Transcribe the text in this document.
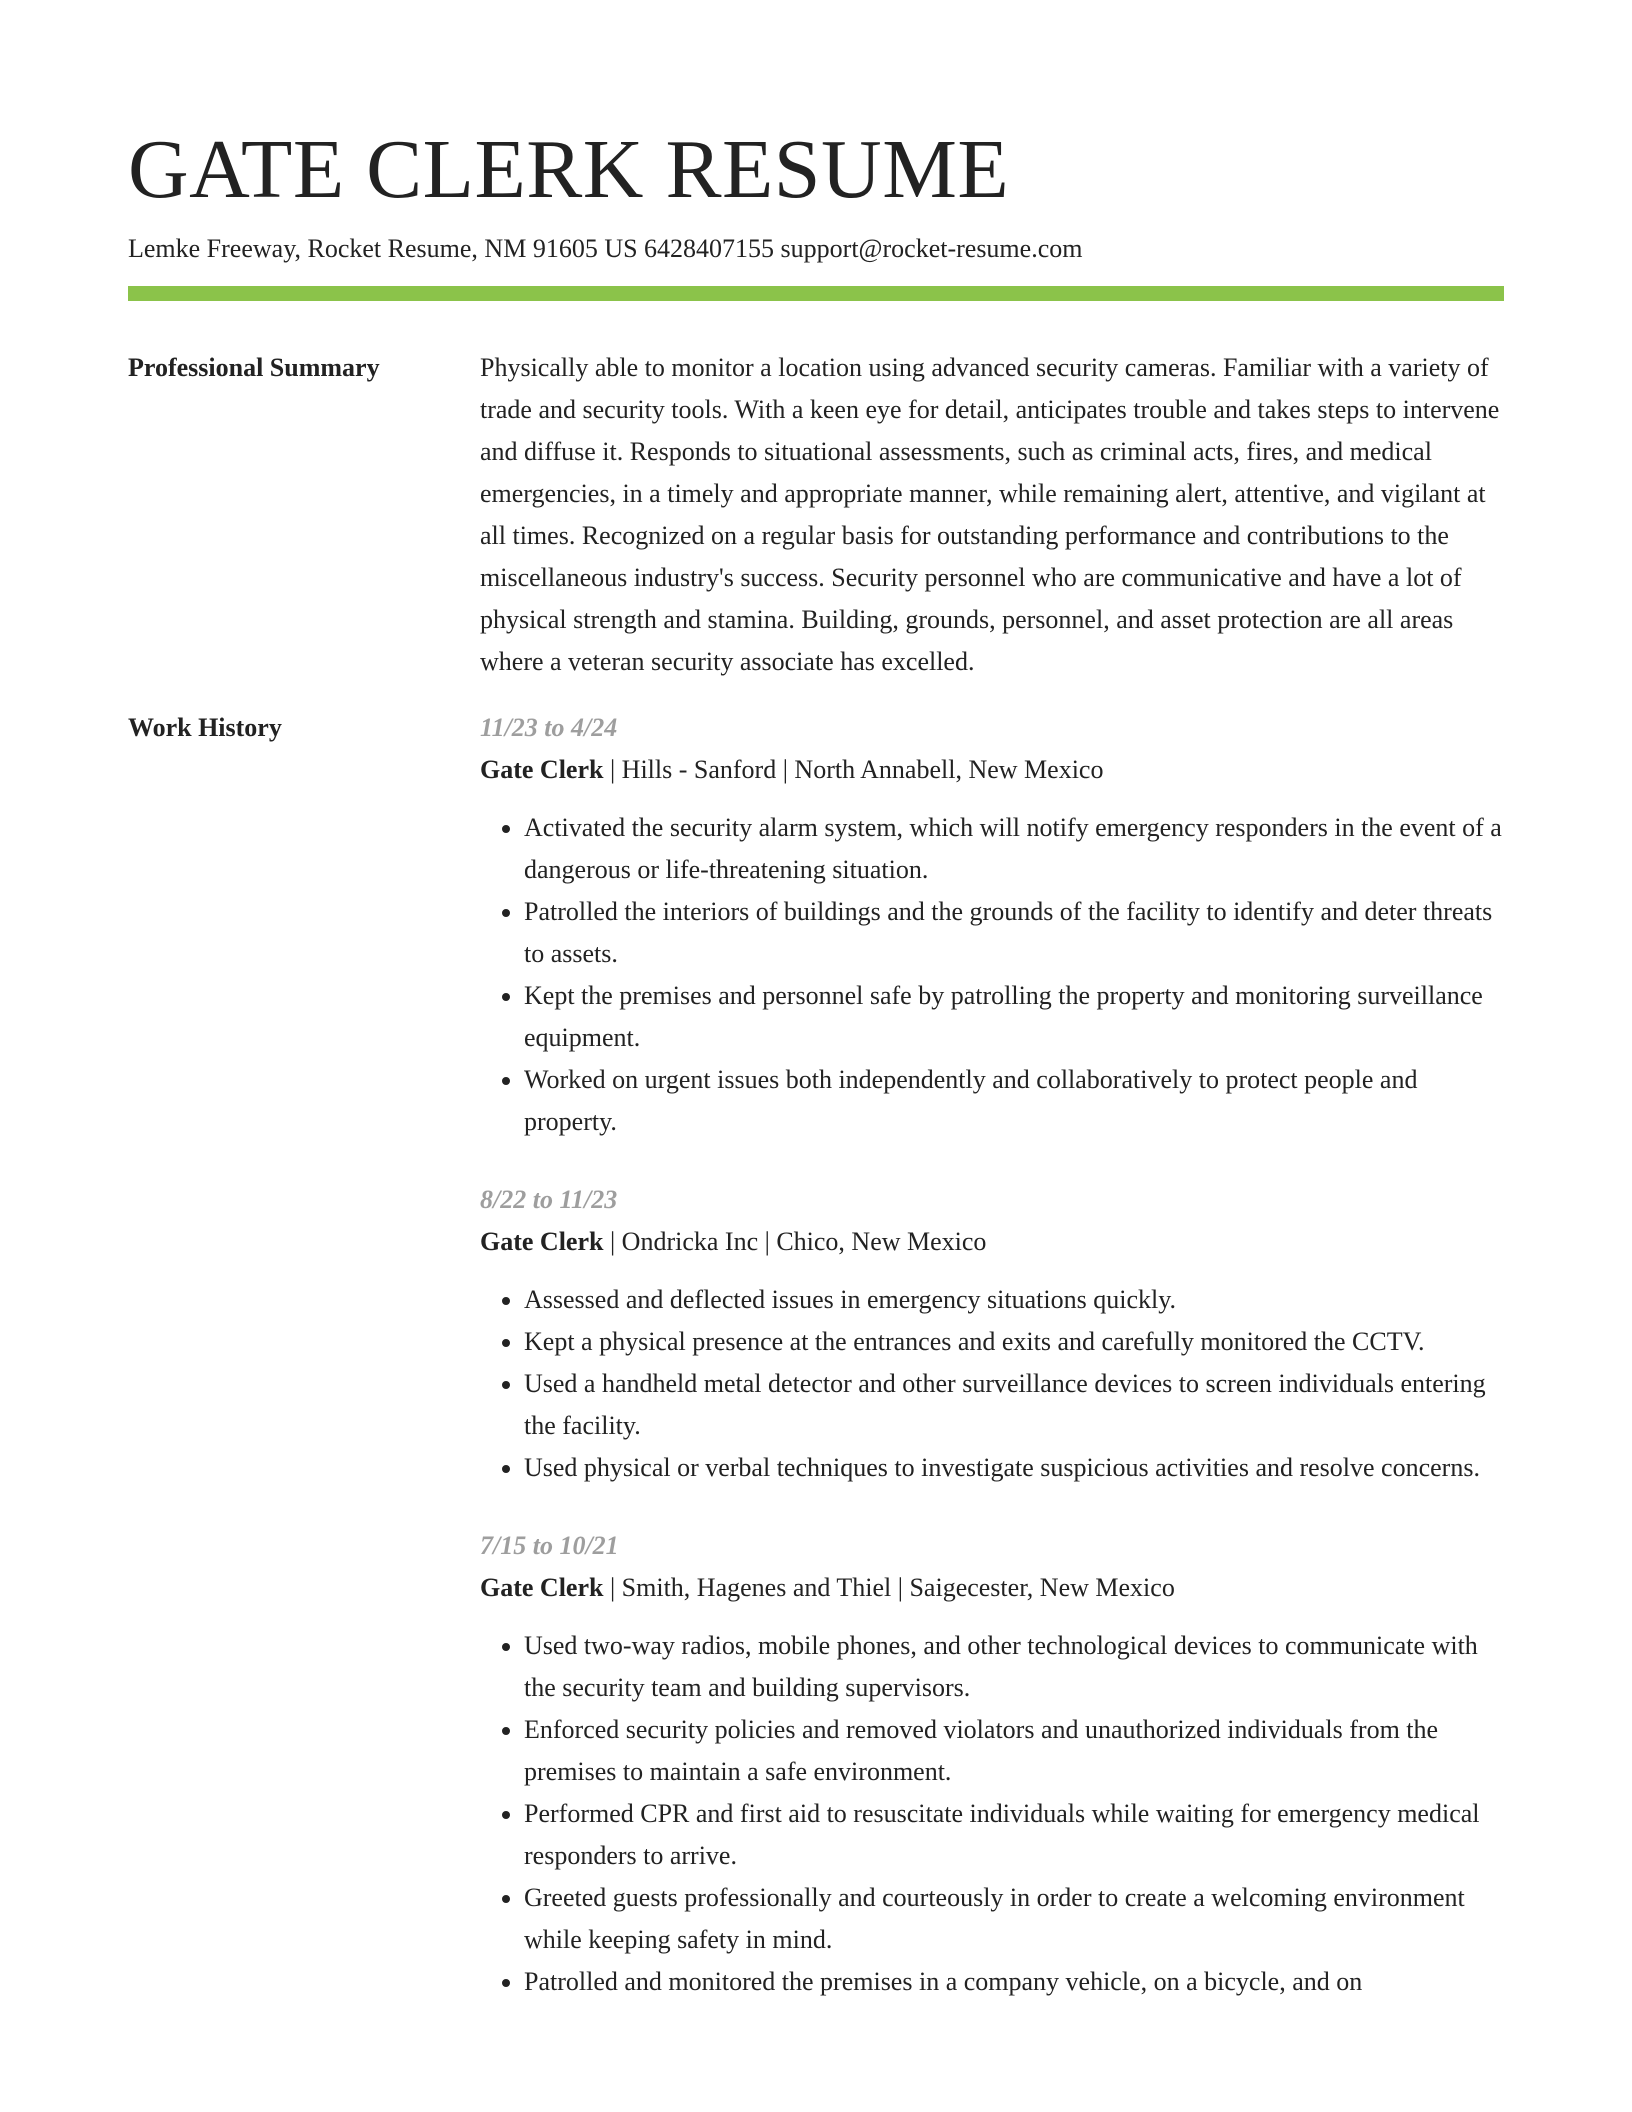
GATE CLERK RESUME
Lemke Freeway, Rocket Resume, NM 91605 US 6428407155 support@rocket-resume.com
Professional Summary	Physically able to monitor a location using advanced security cameras. Familiar with a variety of trade and security tools. With a keen eye for detail, anticipates trouble and takes steps to intervene and diffuse it. Responds to situational assessments, such as criminal acts, fires, and medical emergencies, in a timely and appropriate manner, while remaining alert, attentive, and vigilant at all times. Recognized on a regular basis for outstanding performance and contributions to the miscellaneous industry's success. Security personnel who are communicative and have a lot of physical strength and stamina. Building, grounds, personnel, and asset protection are all areas where a veteran security associate has excelled.

Work History	11/23 to 4/24
Gate Clerk | Hills - Sanford | North Annabell, New Mexico
• Activated the security alarm system, which will notify emergency responders in the event of a dangerous or life-threatening situation.
• Patrolled the interiors of buildings and the grounds of the facility to identify and deter threats to assets.
• Kept the premises and personnel safe by patrolling the property and monitoring surveillance equipment.
• Worked on urgent issues both independently and collaboratively to protect people and property.
8/22 to 11/23
Gate Clerk | Ondricka Inc | Chico, New Mexico
• Assessed and deflected issues in emergency situations quickly.
• Kept a physical presence at the entrances and exits and carefully monitored the CCTV.
• Used a handheld metal detector and other surveillance devices to screen individuals entering the facility.
• Used physical or verbal techniques to investigate suspicious activities and resolve concerns.
7/15 to 10/21
Gate Clerk | Smith, Hagenes and Thiel | Saigecester, New Mexico
• Used two-way radios, mobile phones, and other technological devices to communicate with the security team and building supervisors.
• Enforced security policies and removed violators and unauthorized individuals from the premises to maintain a safe environment.
• Performed CPR and first aid to resuscitate individuals while waiting for emergency medical responders to arrive.
• Greeted guests professionally and courteously in order to create a welcoming environment while keeping safety in mind.
• Patrolled and monitored the premises in a company vehicle, on a bicycle, and on
